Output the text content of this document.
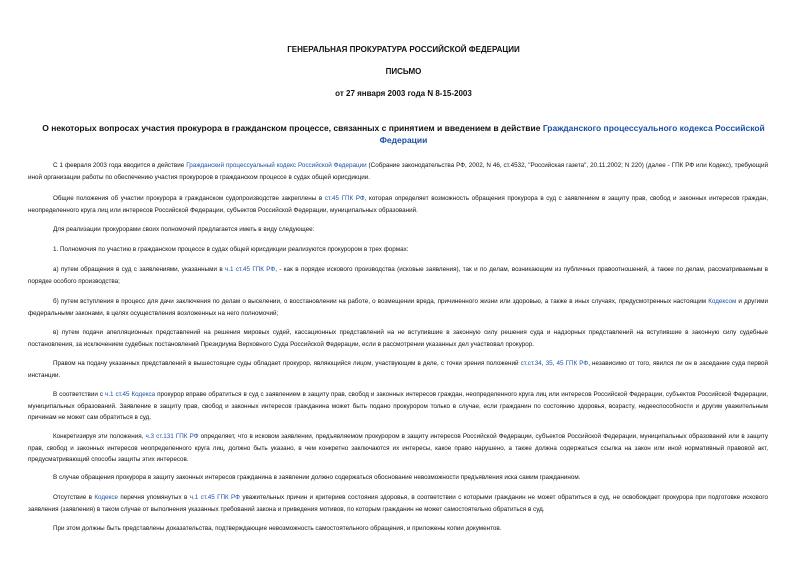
ГЕНЕРАЛЬНАЯ ПРОКУРАТУРА РОССИЙСКОЙ ФЕДЕРАЦИИ
ПИСЬМО
от 27 января 2003 года N 8-15-2003
О некоторых вопросах участия прокурора в гражданском процессе, связанных с принятием и введением в действие Гражданского процессуального кодекса Российской Федерации
С 1 февраля 2003 года вводится в действие Гражданский процессуальный кодекс Российской Федерации (Собрание законодательства РФ, 2002, N 46, ст.4532, "Российская газета", 20.11.2002; N 220) (далее - ГПК РФ или Кодекс), требующий иной организации работы по обеспечению участия прокуроров в гражданском процессе в судах общей юрисдикции.
Общие положения об участии прокурора в гражданском судопроизводстве закреплены в ст.45 ГПК РФ, которая определяет возможность обращения прокурора в суд с заявлением в защиту прав, свобод и законных интересов граждан, неопределенного круга лиц или интересов Российской Федерации, субъектов Российской Федерации, муниципальных образований.
Для реализации прокурорами своих полномочий предлагается иметь в виду следующее:
1. Полномочия по участию в гражданском процессе в судах общей юрисдикции реализуются прокурором в трех формах:
а) путем обращения в суд с заявлениями, указанными в ч.1 ст.45 ГПК РФ, - как в порядке искового производства (исковые заявления), так и по делам, возникающим из публичных правоотношений, а также по делам, рассматриваемым в порядке особого производства;
б) путем вступления в процесс для дачи заключения по делам о выселении, о восстановлении на работе, о возмещении вреда, причиненного жизни или здоровью, а также в иных случаях, предусмотренных настоящим Кодексом и другими федеральными законами, в целях осуществления возложенных на него полномочий;
в) путем подачи апелляционных представлений на решения мировых судей, кассационных представлений на не вступившие в законную силу решения суда и надзорных представлений на вступившие в законную силу судебные постановления, за исключением судебных постановлений Президиума Верховного Суда Российской Федерации, если в рассмотрении указанных дел участвовал прокурор.
Правом на подачу указанных представлений в вышестоящие суды обладает прокурор, являющийся лицом, участвующим в деле, с точки зрения положений ст.ст.34, 35, 45 ГПК РФ, независимо от того, явился ли он в заседание суда первой инстанции.
В соответствии с ч.1 ст.45 Кодекса прокурор вправе обратиться в суд с заявлением в защиту прав, свобод и законных интересов граждан, неопределенного круга лиц или интересов Российской Федерации, субъектов Российской Федерации, муниципальных образований. Заявление в защиту прав, свобод и законных интересов гражданина может быть подано прокурором только в случае, если гражданин по состоянию здоровья, возрасту, недееспособности и другим уважительным причинам не может сам обратиться в суд.
Конкретизируя эти положения, ч.3 ст.131 ГПК РФ определяет, что в исковом заявлении, предъявляемом прокурором в защиту интересов Российской Федерации, субъектов Российской Федерации, муниципальных образований или в защиту прав, свобод и законных интересов неопределенного круга лиц, должно быть указано, в чем конкретно заключаются их интересы, какое право нарушено, а также должна содержаться ссылка на закон или иной нормативный правовой акт, предусматривающий способы защиты этих интересов.
В случае обращения прокурора в защиту законных интересов гражданина в заявлении должно содержаться обоснование невозможности предъявления иска самим гражданином.
Отсутствие в Кодексе перечня упомянутых в ч.1 ст.45 ГПК РФ уважительных причин и критериев состояния здоровья, в соответствии с которыми гражданин не может обратиться в суд, не освобождает прокурора при подготовке искового заявления (заявления) в таком случае от выполнения указанных требований закона и приведения мотивов, по которым гражданин не может самостоятельно обратиться в суд.
При этом должны быть представлены доказательства, подтверждающие невозможность самостоятельного обращения, и приложены копии документов.
